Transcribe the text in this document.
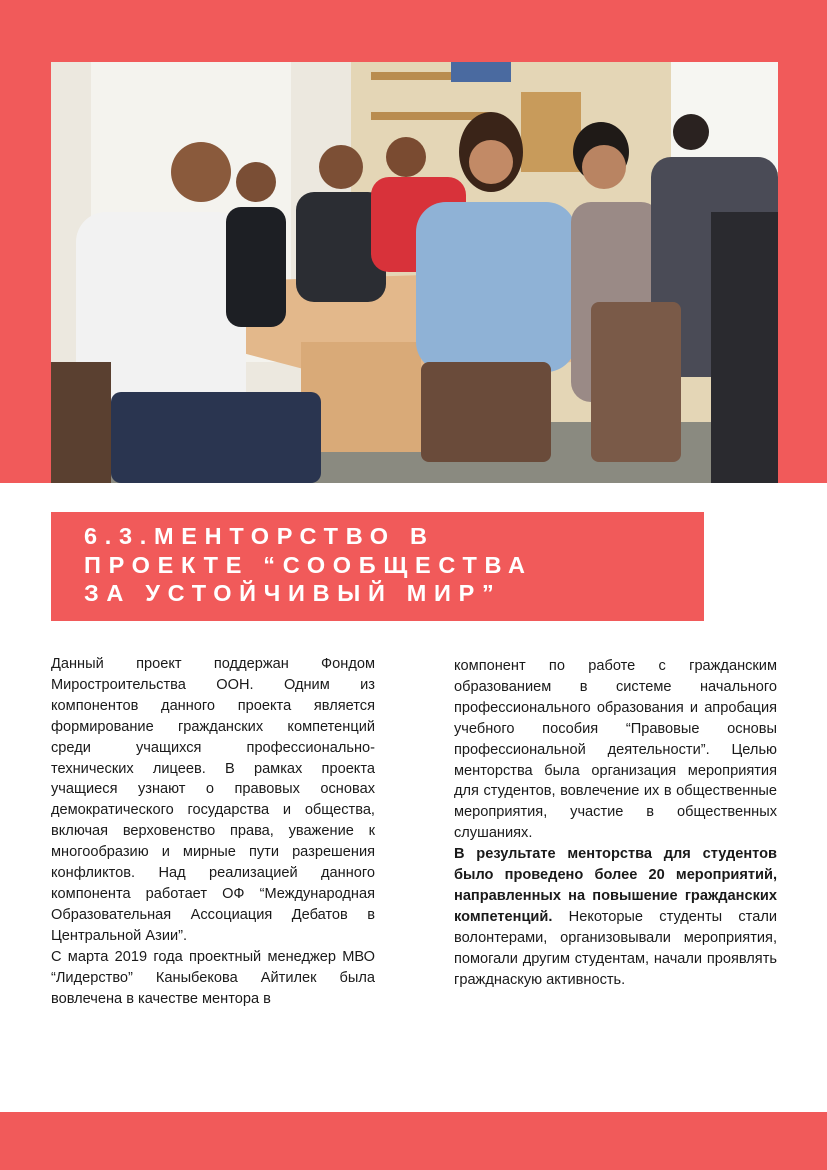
6.3.МЕНТОРСТВО В
ПРОЕКТЕ “СООБЩЕСТВА
ЗА УСТОЙЧИВЫЙ МИР”

Данный проект поддержан Фондом Миростроительства ООН. Одним из компонентов данного проекта является формирование гражданских компетенций среди учащихся профессионально-технических лицеев. В рамках проекта учащиеся узнают о правовых основах демократического государства и общества, включая верховенство права, уважение к многообразию и мирные пути разрешения конфликтов. Над реализацией данного компонента работает ОФ “Международная Образовательная Ассоциация Дебатов в Центральной Азии”.

С марта 2019 года проектный менеджер МВО “Лидерство” Каныбекова Айтилек была вовлечена в качестве ментора в

компонент по работе с гражданским образованием в системе начального профессионального образования и апробация учебного пособия “Правовые основы профессиональной деятельности”. Целью менторства была организация мероприятия для студентов, вовлечение их в общественные мероприятия, участие в общественных слушаниях.

В результате менторства для студентов было проведено более 20 мероприятий, направленных на повышение гражданских компетенций. Некоторые студенты стали волонтерами, организовывали мероприятия, помогали другим студентам, начали проявлять гражднаскую активность.
